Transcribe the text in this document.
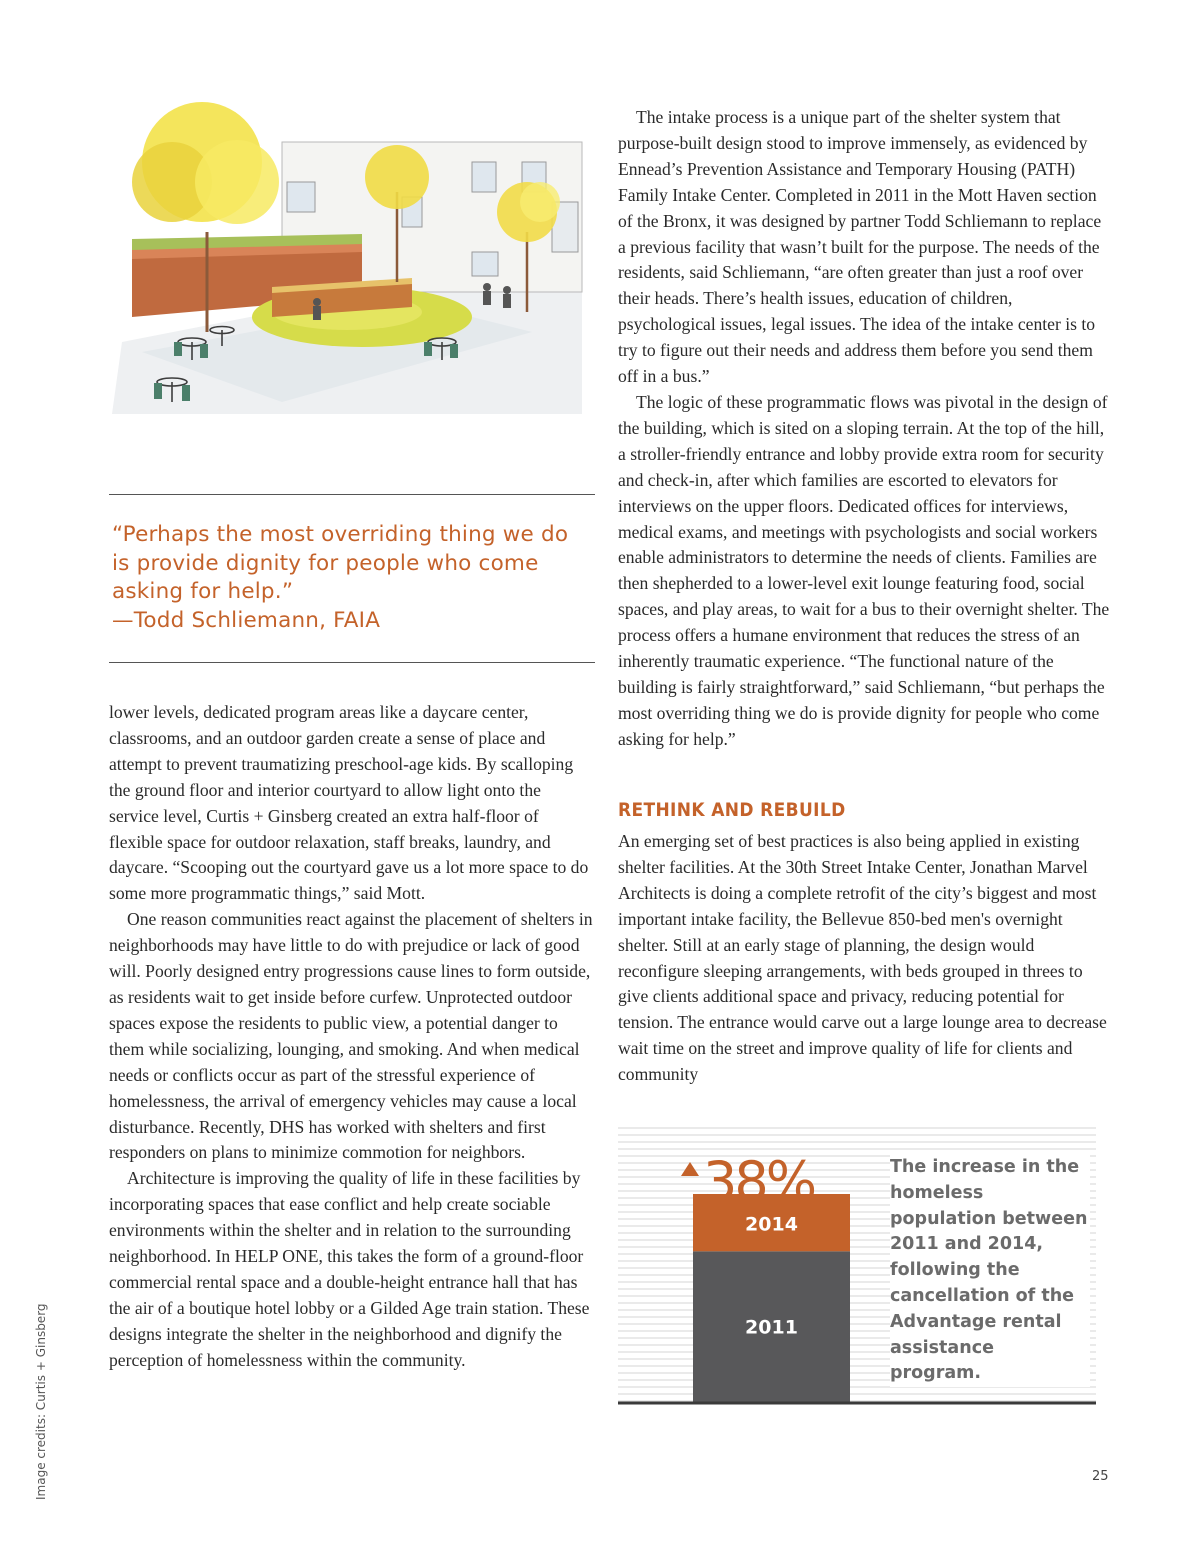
“Perhaps the most overriding thing we do is provide dignity for people who come asking for help.”
—Todd Schliemann, FAIA

lower levels, dedicated program areas like a daycare center, classrooms, and an outdoor garden create a sense of place and attempt to prevent traumatizing preschool-age kids. By scalloping the ground floor and interior courtyard to allow light onto the service level, Curtis + Ginsberg created an extra half-floor of flexible space for outdoor relaxation, staff breaks, laundry, and daycare. “Scooping out the courtyard gave us a lot more space to do some more programmatic things,” said Mott.

One reason communities react against the placement of shelters in neighborhoods may have little to do with prejudice or lack of good will. Poorly designed entry progressions cause lines to form outside, as residents wait to get inside before curfew. Unprotected outdoor spaces expose the residents to public view, a potential danger to them while socializing, lounging, and smoking. And when medical needs or conflicts occur as part of the stressful experience of homelessness, the arrival of emergency vehicles may cause a local disturbance. Recently, DHS has worked with shelters and first responders on plans to minimize commotion for neighbors.

Architecture is improving the quality of life in these facilities by incorporating spaces that ease conflict and help create sociable environments within the shelter and in relation to the surrounding neighborhood. In HELP ONE, this takes the form of a ground-floor commercial rental space and a double-height entrance hall that has the air of a boutique hotel lobby or a Gilded Age train station. These designs integrate the shelter in the neighborhood and dignify the perception of homelessness within the community.

The intake process is a unique part of the shelter system that purpose-built design stood to improve immensely, as evidenced by Ennead’s Prevention Assistance and Temporary Housing (PATH) Family Intake Center. Completed in 2011 in the Mott Haven section of the Bronx, it was designed by partner Todd Schliemann to replace a previous facility that wasn’t built for the purpose. The needs of the residents, said Schliemann, “are often greater than just a roof over their heads. There’s health issues, education of children, psychological issues, legal issues. The idea of the intake center is to try to figure out their needs and address them before you send them off in a bus.”

The logic of these programmatic flows was pivotal in the design of the building, which is sited on a sloping terrain. At the top of the hill, a stroller-friendly entrance and lobby provide extra room for security and check-in, after which families are escorted to elevators for interviews on the upper floors. Dedicated offices for interviews, medical exams, and meetings with psychologists and social workers enable administrators to determine the needs of clients. Families are then shepherded to a lower-level exit lounge featuring food, social spaces, and play areas, to wait for a bus to their overnight shelter. The process offers a humane environment that reduces the stress of an inherently traumatic experience. “The functional nature of the building is fairly straightforward,” said Schliemann, “but perhaps the most overriding thing we do is provide dignity for people who come asking for help.”

RETHINK AND REBUILD

An emerging set of best practices is also being applied in existing shelter facilities. At the 30th Street Intake Center, Jonathan Marvel Architects is doing a complete retrofit of the city’s biggest and most important intake facility, the Bellevue 850-bed men's overnight shelter. Still at an early stage of planning, the design would reconfigure sleeping arrangements, with beds grouped in threes to give clients additional space and privacy, reducing potential for tension. The entrance would carve out a large lounge area to decrease wait time on the street and improve quality of life for clients and community

2014
2011
38%	The increase in the homeless population between 2011 and 2014, following the cancellation of the Advantage rental assistance program.
Image credits: Curtis + Ginsberg	25
